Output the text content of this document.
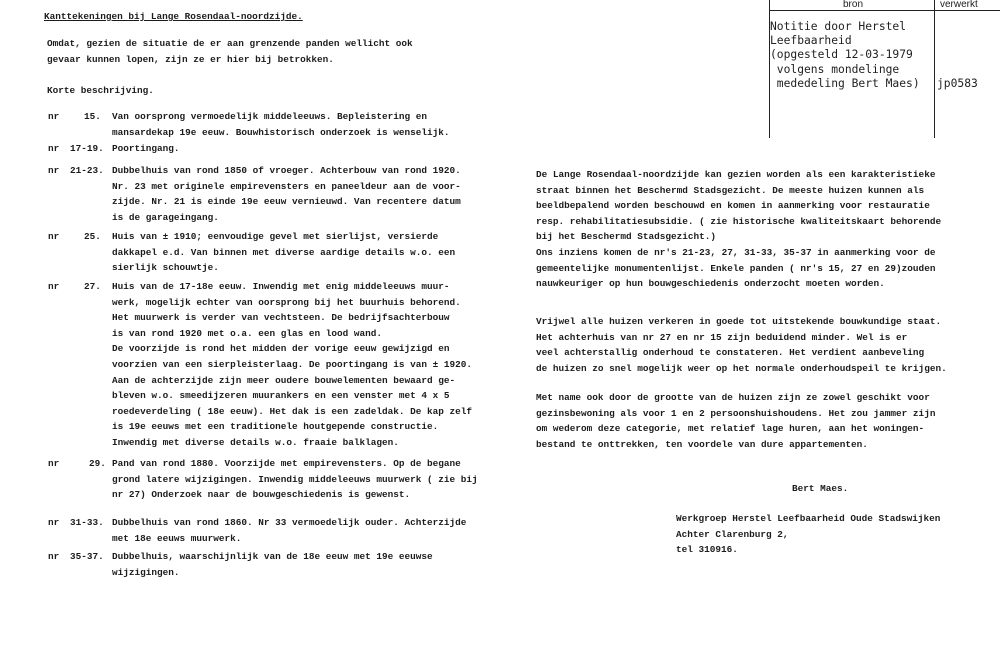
bron	verwerkt
Notitie door Herstel
Leefbaarheid
(opgesteld 12-03-1979
volgens mondelinge
mededeling Bert Maes) jp0583
Kanttekeningen bij Lange Rosendaal-noordzijde.
Omdat, gezien de situatie de er aan grenzende panden wellicht ook
gevaar kunnen lopen, zijn ze er hier bij betrokken.
Korte beschrijving.
nr	15. Van oorsprong vermoedelijk middeleeuws. Bepleistering en
mansardekap 19e eeuw. Bouwhistorisch onderzoek is wenselijk.
nr 17-19. Poortingang.
nr 21-23. Dubbelhuis van rond 1850 of vroeger. Achterbouw van rond 1920.
Nr. 23 met originele empirevensters en paneeldeur aan de voor-
zijde. Nr. 21 is einde 19e eeuw vernieuwd. Van recentere datum
is de garageingang.
nr	25. Huis van ± 1910; eenvoudige gevel met sierlijst, versierde
dakkapel e.d. Van binnen met diverse aardige details w.o. een
sierlijk schouwtje.
nr	27. Huis van de 17-18e eeuw. Inwendig met enig middeleeuws muur-
werk, mogelijk echter van oorsprong bij het buurhuis behorend.
Het muurwerk is verder van vechtsteen. De bedrijfsachterbouw
is van rond 1920 met o.a. een glas en lood wand.
De voorzijde is rond het midden der vorige eeuw gewijzigd en
voorzien van een sierpleisterlaag. De poortingang is van ± 1920.
Aan de achterzijde zijn meer oudere bouwelementen bewaard ge-
bleven w.o. smeedijzeren muurankers en een venster met 4 x 5
roedeverdeling ( 18e eeuw). Het dak is een zadeldak. De kap zelf
is 19e eeuws met een traditionele houtgepende constructie.
Inwendig met diverse details w.o. fraaie balklagen.
nr	29. Pand van rond 1880. Voorzijde met empirevensters. Op de begane
grond latere wijzigingen. Inwendig middeleeuws muurwerk ( zie bij
nr 27) Onderzoek naar de bouwgeschiedenis is gewenst.
nr 31-33. Dubbelhuis van rond 1860. Nr 33 vermoedelijk ouder. Achterzijde
met 18e eeuws muurwerk.
nr 35-37. Dubbelhuis, waarschijnlijk van de 18e eeuw met 19e eeuwse
wijzigingen.
De Lange Rosendaal-noordzijde kan gezien worden als een karakteristieke
straat binnen het Beschermd Stadsgezicht. De meeste huizen kunnen als
beeldbepalend worden beschouwd en komen in aanmerking voor restauratie
resp. rehabilitatiesubsidie. ( zie historische kwaliteitskaart behorende
bij het Beschermd Stadsgezicht.)
Ons inziens komen de nr's 21-23, 27, 31-33, 35-37 in aanmerking voor de
gemeentelijke monumentenlijst. Enkele panden ( nr's 15, 27 en 29)zouden
nauwkeuriger op hun bouwgeschiedenis onderzocht moeten worden.
Vrijwel alle huizen verkeren in goede tot uitstekende bouwkundige staat.
Het achterhuis van nr 27 en nr 15 zijn beduidend minder. Wel is er
veel achterstallig onderhoud te constateren. Het verdient aanbeveling
de huizen zo snel mogelijk weer op het normale onderhoudspeil te krijgen.
Met name ook door de grootte van de huizen zijn ze zowel geschikt voor
gezinsbewoning als voor 1 en 2 persoonshuishoudens. Het zou jammer zijn
om wederom deze categorie, met relatief lage huren, aan het woningen-
bestand te onttrekken, ten voordele van dure appartementen.
Bert Maes.
Werkgroep Herstel Leefbaarheid Oude Stadswijken
Achter Clarenburg 2,
tel 310916.
